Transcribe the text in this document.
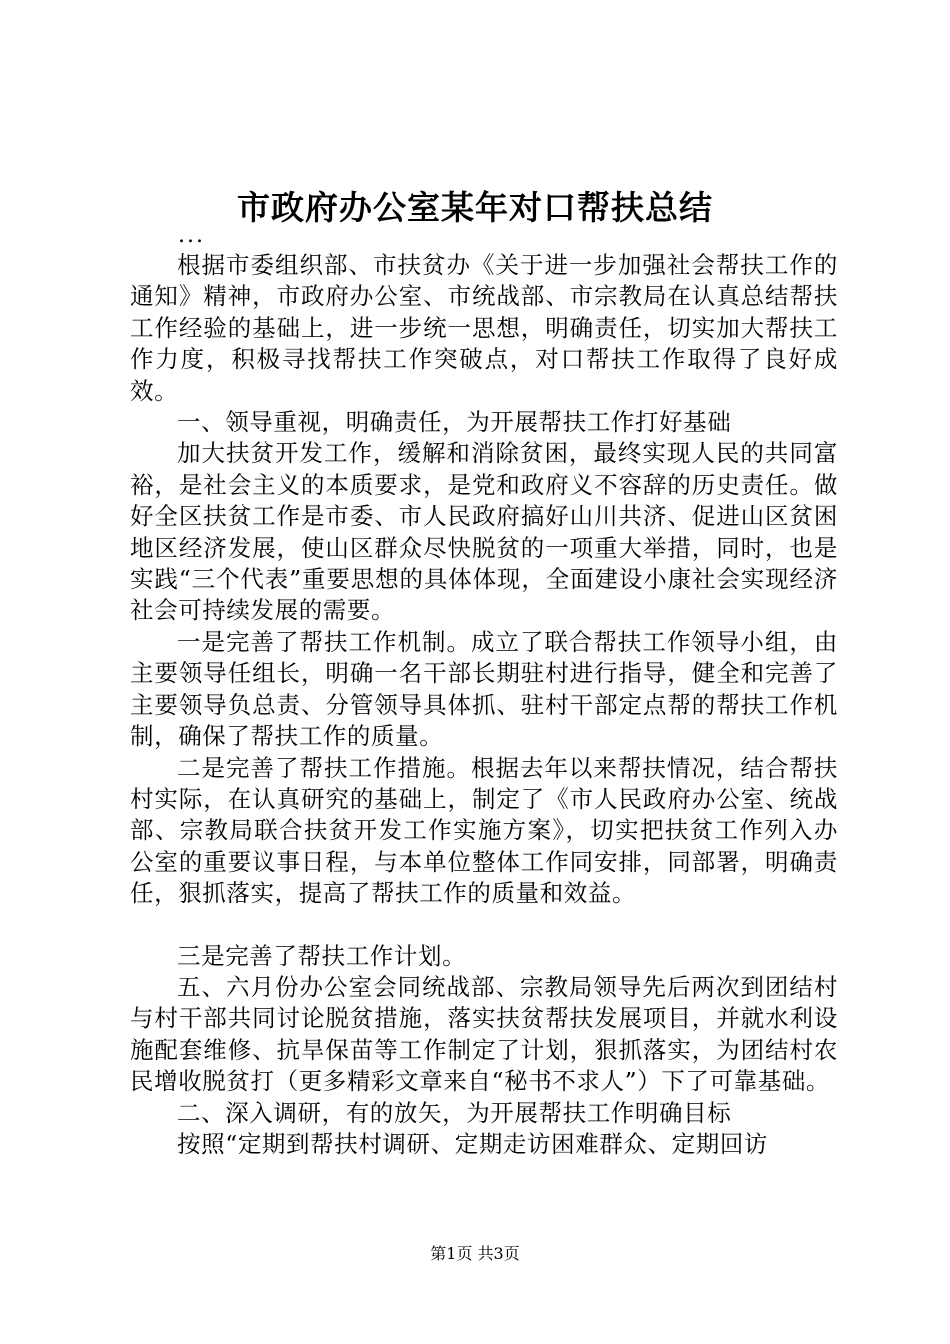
市政府办公室某年对口帮扶总结
...

根据市委组织部、市扶贫办《关于进一步加强社会帮扶工作的通知》精神，市政府办公室、市统战部、市宗教局在认真总结帮扶工作经验的基础上，进一步统一思想，明确责任，切实加大帮扶工作力度，积极寻找帮扶工作突破点，对口帮扶工作取得了良好成效。

一、领导重视，明确责任，为开展帮扶工作打好基础

加大扶贫开发工作，缓解和消除贫困，最终实现人民的共同富裕，是社会主义的本质要求，是党和政府义不容辞的历史责任。做好全区扶贫工作是市委、市人民政府搞好山川共济、促进山区贫困地区经济发展，使山区群众尽快脱贫的一项重大举措，同时，也是实践“三个代表”重要思想的具体体现，全面建设小康社会实现经济社会可持续发展的需要。

一是完善了帮扶工作机制。成立了联合帮扶工作领导小组，由主要领导任组长，明确一名干部长期驻村进行指导，健全和完善了主要领导负总责、分管领导具体抓、驻村干部定点帮的帮扶工作机制，确保了帮扶工作的质量。

二是完善了帮扶工作措施。根据去年以来帮扶情况，结合帮扶村实际，在认真研究的基础上，制定了《市人民政府办公室、统战部、宗教局联合扶贫开发工作实施方案》，切实把扶贫工作列入办公室的重要议事日程，与本单位整体工作同安排，同部署，明确责任，狠抓落实，提高了帮扶工作的质量和效益。

三是完善了帮扶工作计划。

五、六月份办公室会同统战部、宗教局领导先后两次到团结村与村干部共同讨论脱贫措施，落实扶贫帮扶发展项目，并就水利设施配套维修、抗旱保苗等工作制定了计划，狠抓落实，为团结村农民增收脱贫打（更多精彩文章来自“秘书不求人”）下了可靠基础。

二、深入调研，有的放矢，为开展帮扶工作明确目标

按照“定期到帮扶村调研、定期走访困难群众、定期回访

第1页 共3页
